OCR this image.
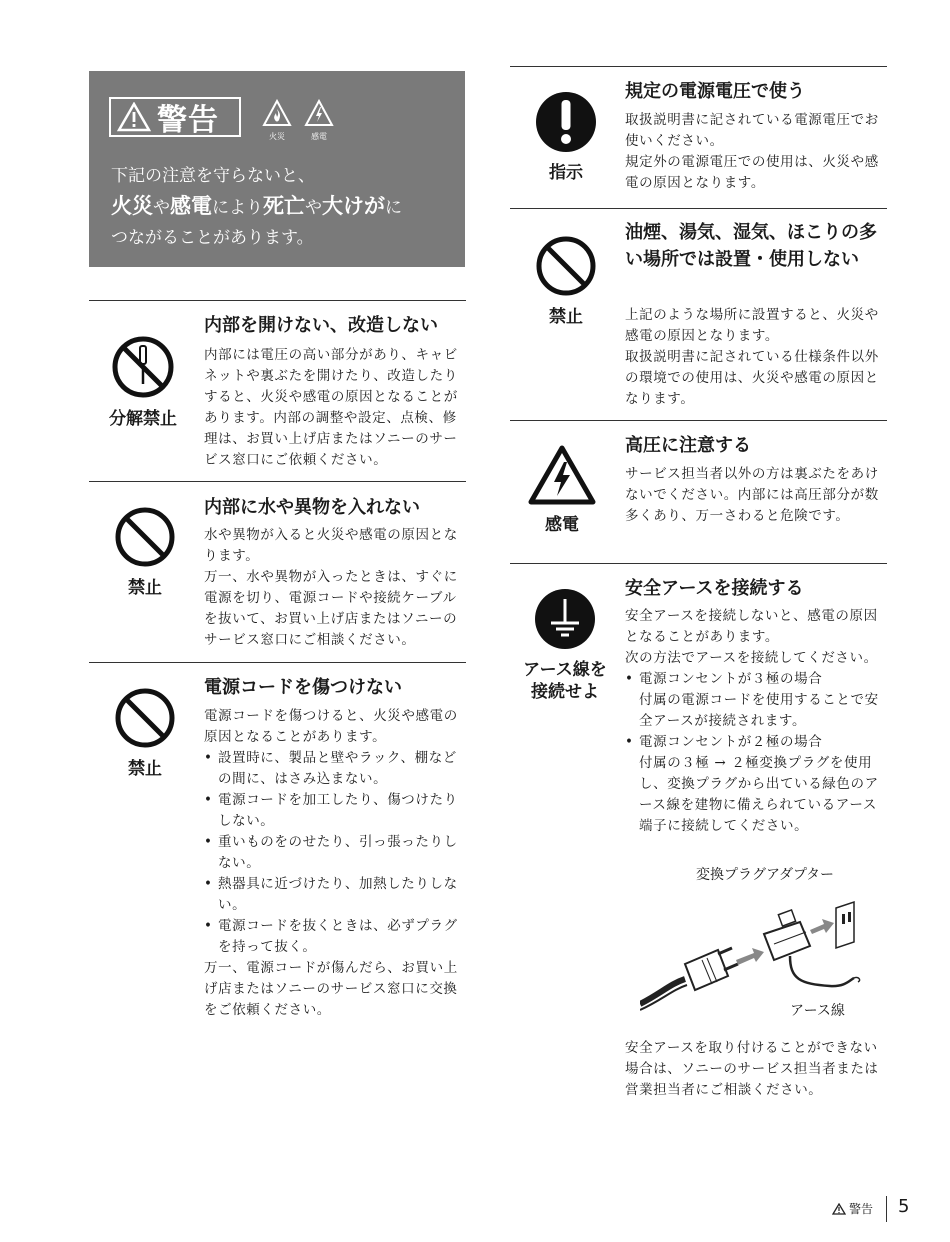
警告	火災	感電
下記の注意を守らないと、
火災や感電により死亡や大けがに
つながることがあります。
分解禁止
内部を開けない、改造しない

内部には電圧の高い部分があり、キャビネットや裏ぶたを開けたり、改造したりすると、火災や感電の原因となることがあります。内部の調整や設定、点検、修理は、お買い上げ店またはソニーのサービス窓口にご依頼ください。

禁止
内部に水や異物を入れない

水や異物が入ると火災や感電の原因となります。

万一、水や異物が入ったときは、すぐに電源を切り、電源コードや接続ケーブルを抜いて、お買い上げ店またはソニーのサービス窓口にご相談ください。

禁止
電源コードを傷つけない

電源コードを傷つけると、火災や感電の原因となることがあります。

• 設置時に、製品と壁やラック、棚などの間に、はさみ込まない。
• 電源コードを加工したり、傷つけたりしない。
• 重いものをのせたり、引っ張ったりしない。
• 熱器具に近づけたり、加熱したりしない。
• 電源コードを抜くときは、必ずプラグを持って抜く。

万一、電源コードが傷んだら、お買い上げ店またはソニーのサービス窓口に交換をご依頼ください。

指示
規定の電源電圧で使う

取扱説明書に記されている電源電圧でお使いください。

規定外の電源電圧での使用は、火災や感電の原因となります。

禁止
油煙、湯気、湿気、ほこりの多い場所では設置・使用しない

上記のような場所に設置すると、火災や感電の原因となります。

取扱説明書に記されている仕様条件以外の環境での使用は、火災や感電の原因となります。

感電
高圧に注意する

サービス担当者以外の方は裏ぶたをあけないでください。内部には高圧部分が数多くあり、万一さわると危険です。

アース線を
接続せよ
安全アースを接続する

安全アースを接続しないと、感電の原因となることがあります。

次の方法でアースを接続してください。

• 電源コンセントが３極の場合
付属の電源コードを使用することで安全アースが接続されます。
• 電源コンセントが２極の場合
付属の３極 → ２極変換プラグを使用し、変換プラグから出ている緑色のアース線を建物に備えられているアース端子に接続してください。
変換プラグアダプター
アース線

安全アースを取り付けることができない場合は、ソニーのサービス担当者または営業担当者にご相談ください。

警告 5
